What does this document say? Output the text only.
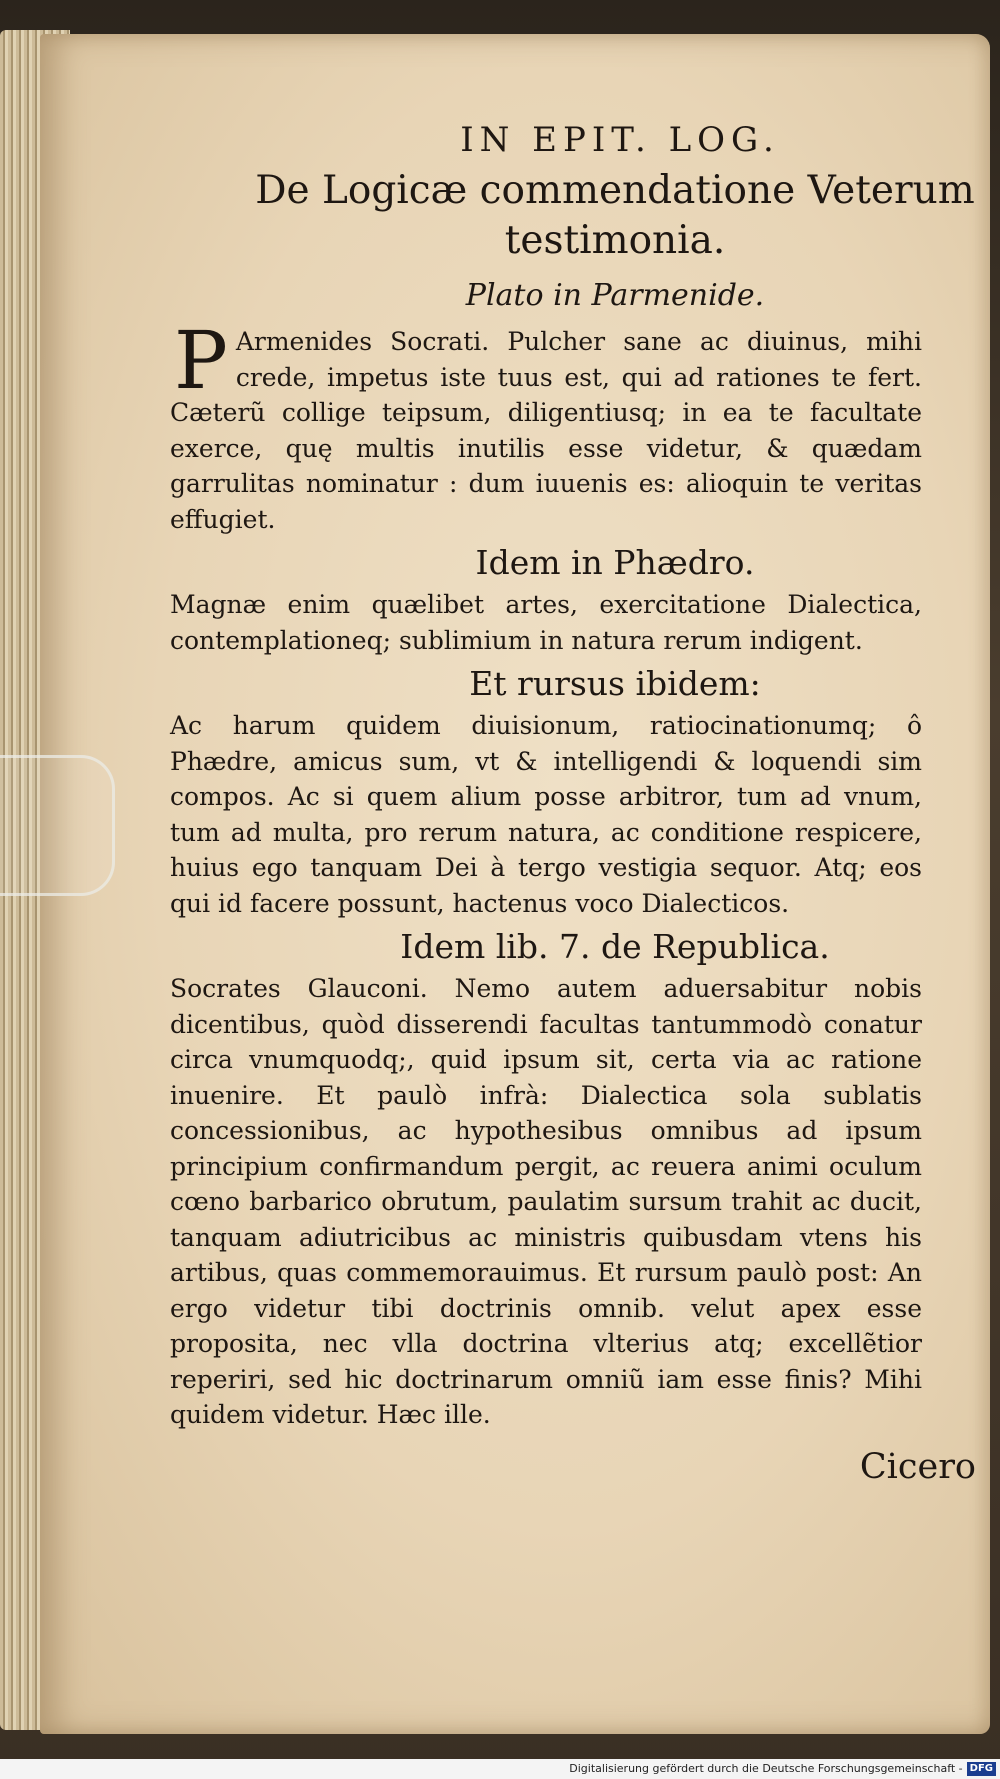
IN EPIT. LOG.
De Logicæ commendatione Veterum testimonia.
Plato in Parmenide.

P Armenides Socrati. Pulcher sane ac diuinus, mihi crede, impetus iste tuus est, qui ad rationes te fert. Cæterũ collige teipsum, diligentiusq; in ea te facultate exerce, quę multis inutilis esse videtur, & quædam garrulitas nominatur : dum iuuenis es: alioquin te veritas effugiet.

Idem in Phædro.

Magnæ enim quælibet artes, exercitatione Dialectica, contemplationeq; sublimium in natura rerum indigent.

Et rursus ibidem:

Ac harum quidem diuisionum, ratiocinationumq; ô Phædre, amicus sum, vt & intelligendi & loquendi sim compos. Ac si quem alium posse arbitror, tum ad vnum, tum ad multa, pro rerum natura, ac conditione respicere, huius ego tanquam Dei à tergo vestigia sequor. Atq; eos qui id facere possunt, hactenus voco Dialecticos.

Idem lib. 7. de Republica.

Socrates Glauconi. Nemo autem aduersabitur nobis dicentibus, quòd disserendi facultas tantummodò conatur circa vnumquodq;, quid ipsum sit, certa via ac ratione inuenire. Et paulò infrà: Dialectica sola sublatis concessionibus, ac hypothesibus omnibus ad ipsum principium confirmandum pergit, ac reuera animi oculum cœno barbarico obrutum, paulatim sursum trahit ac ducit, tanquam adiutricibus ac ministris quibusdam vtens his artibus, quas commemorauimus. Et rursum paulò post: An ergo videtur tibi doctrinis omnib. velut apex esse proposita, nec vlla doctrina vlterius atq; excellẽtior reperiri, sed hic doctrinarum omniũ iam esse finis? Mihi quidem videtur. Hæc ille.

Cicero
Digitalisierung gefördert durch die Deutsche Forschungsgemeinschaft - DFG
